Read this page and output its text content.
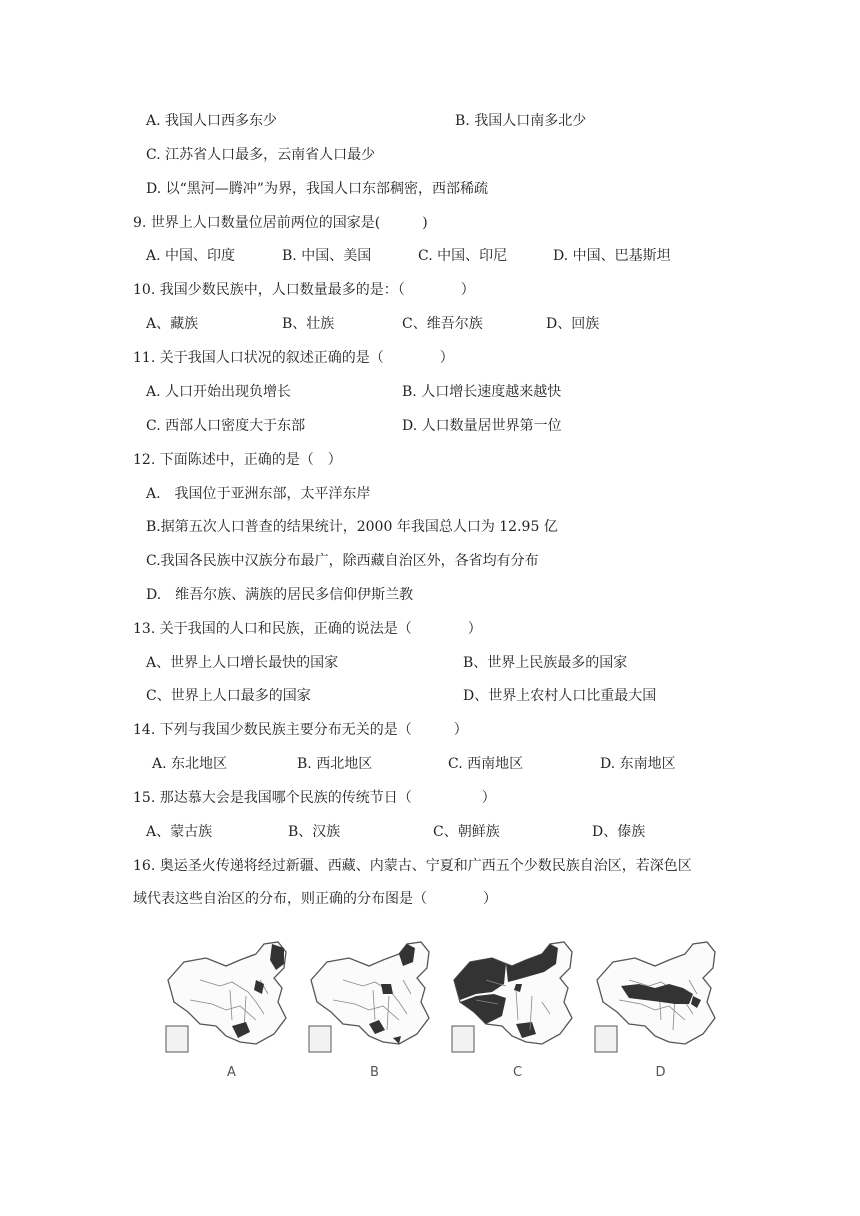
A. 我国人口西多东少	B. 我国人口南多北少
C. 江苏省人口最多，云南省人口最少
D. 以“黑河—腾冲”为界，我国人口东部稠密，西部稀疏
9. 世界上人口数量位居前两位的国家是(　　　)
A. 中国、印度	B. 中国、美国	C. 中国、印尼	D. 中国、巴基斯坦
10. 我国少数民族中，人口数量最多的是：（　　　　）
A、藏族	B、壮族	C、维吾尔族	D、回族
11. 关于我国人口状况的叙述正确的是（　　　　）
A. 人口开始出现负增长	B. 人口增长速度越来越快
C. 西部人口密度大于东部	D. 人口数量居世界第一位
12. 下面陈述中，正确的是（　）
A.　我国位于亚洲东部，太平洋东岸
B.据第五次人口普查的结果统计，2000 年我国总人口为 12.95 亿
C.我国各民族中汉族分布最广，除西藏自治区外，各省均有分布
D.　维吾尔族、满族的居民多信仰伊斯兰教
13. 关于我国的人口和民族，正确的说法是（　　　　）
A、世界上人口增长最快的国家	B、世界上民族最多的国家
C、世界上人口最多的国家	D、世界上农村人口比重最大国
14. 下列与我国少数民族主要分布无关的是（　　　）
A. 东北地区	B. 西北地区	C. 西南地区	D. 东南地区
15. 那达慕大会是我国哪个民族的传统节日（　　　　　）
A、蒙古族	B、汉族	C、朝鲜族	D、傣族
16. 奥运圣火传递将经过新疆、西藏、内蒙古、宁夏和广西五个少数民族自治区，若深色区
域代表这些自治区的分布，则正确的分布图是（　　　　）
A	B	C	D
